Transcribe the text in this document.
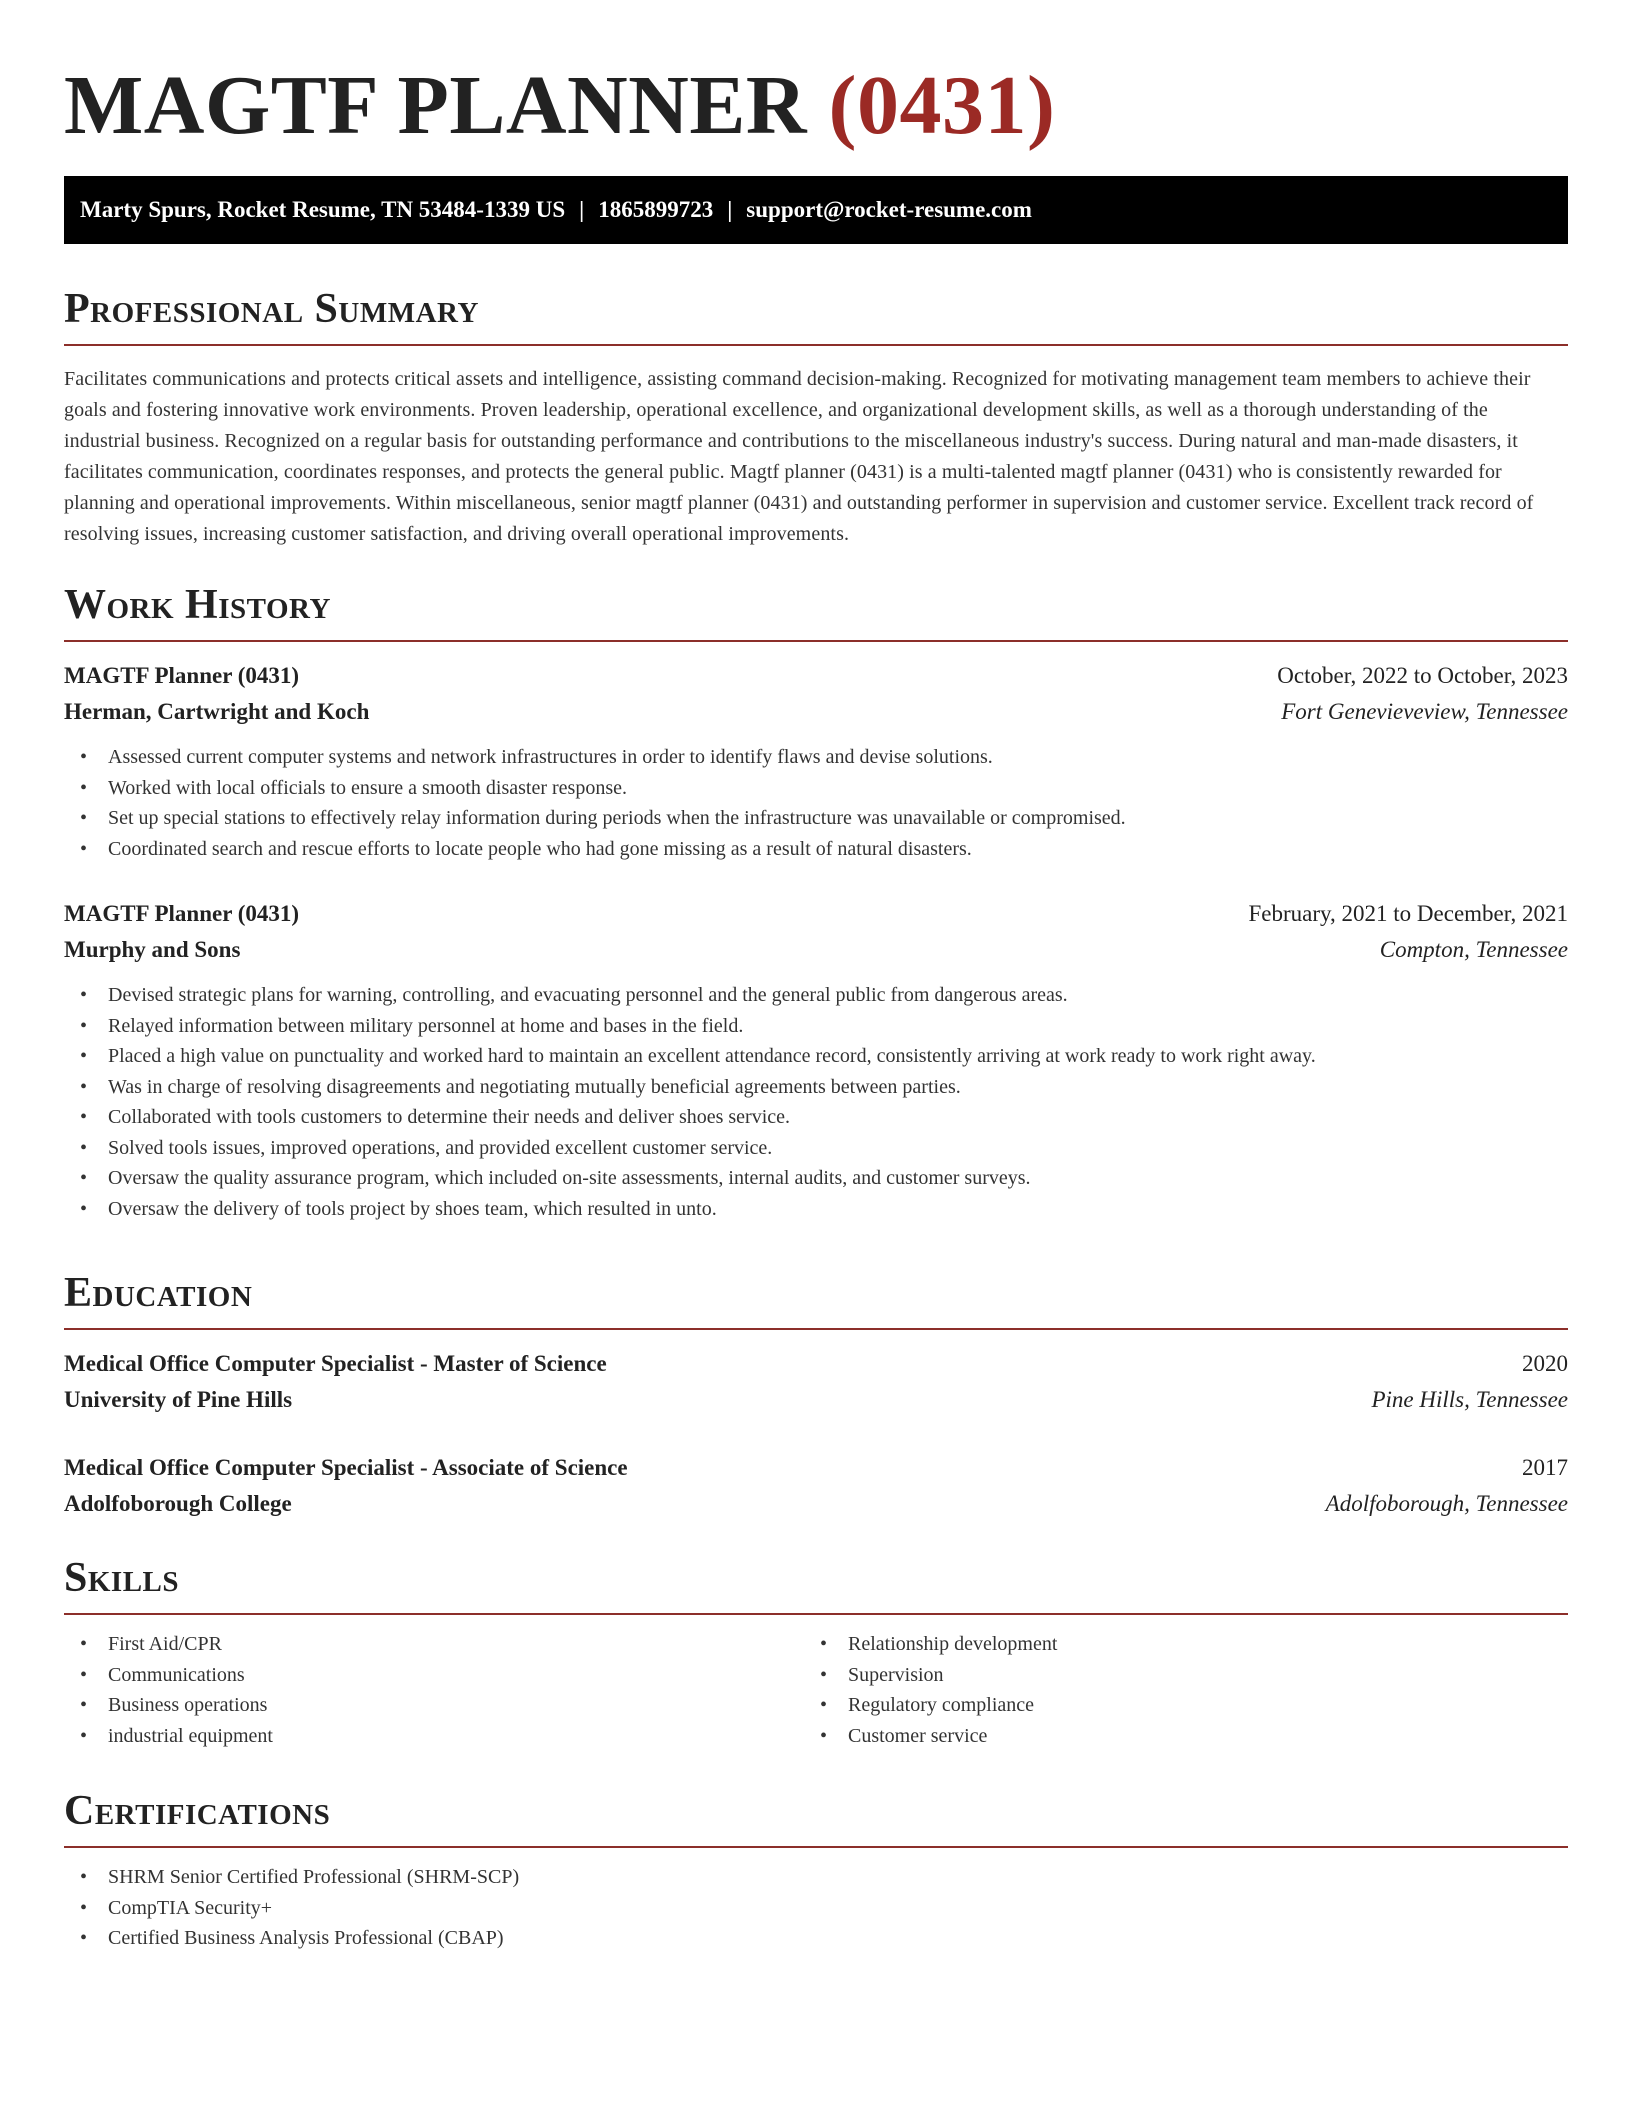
MAGTF PLANNER (0431)
Marty Spurs, Rocket Resume, TN 53484-1339 US | 1865899723 | support@rocket-resume.com
Professional Summary

Facilitates communications and protects critical assets and intelligence, assisting command decision-making. Recognized for motivating management team members to achieve their goals and fostering innovative work environments. Proven leadership, operational excellence, and organizational development skills, as well as a thorough understanding of the industrial business. Recognized on a regular basis for outstanding performance and contributions to the miscellaneous industry's success. During natural and man-made disasters, it facilitates communication, coordinates responses, and protects the general public. Magtf planner (0431) is a multi-talented magtf planner (0431) who is consistently rewarded for planning and operational improvements. Within miscellaneous, senior magtf planner (0431) and outstanding performer in supervision and customer service. Excellent track record of resolving issues, increasing customer satisfaction, and driving overall operational improvements.

Work History
MAGTF Planner (0431)	October, 2022 to October, 2023
Herman, Cartwright and Koch	Fort Genevieveview, Tennessee
• Assessed current computer systems and network infrastructures in order to identify flaws and devise solutions.
• Worked with local officials to ensure a smooth disaster response.
• Set up special stations to effectively relay information during periods when the infrastructure was unavailable or compromised.
• Coordinated search and rescue efforts to locate people who had gone missing as a result of natural disasters.
MAGTF Planner (0431)	February, 2021 to December, 2021
Murphy and Sons	Compton, Tennessee
• Devised strategic plans for warning, controlling, and evacuating personnel and the general public from dangerous areas.
• Relayed information between military personnel at home and bases in the field.
• Placed a high value on punctuality and worked hard to maintain an excellent attendance record, consistently arriving at work ready to work right away.
• Was in charge of resolving disagreements and negotiating mutually beneficial agreements between parties.
• Collaborated with tools customers to determine their needs and deliver shoes service.
• Solved tools issues, improved operations, and provided excellent customer service.
• Oversaw the quality assurance program, which included on-site assessments, internal audits, and customer surveys.
• Oversaw the delivery of tools project by shoes team, which resulted in unto.
Education
Medical Office Computer Specialist - Master of Science	2020
University of Pine Hills	Pine Hills, Tennessee
Medical Office Computer Specialist - Associate of Science	2017
Adolfoborough College	Adolfoborough, Tennessee
Skills
• First Aid/CPR
• Communications
• Business operations
• industrial equipment
• Relationship development
• Supervision
• Regulatory compliance
• Customer service
Certifications
• SHRM Senior Certified Professional (SHRM-SCP)
• CompTIA Security+
• Certified Business Analysis Professional (CBAP)
